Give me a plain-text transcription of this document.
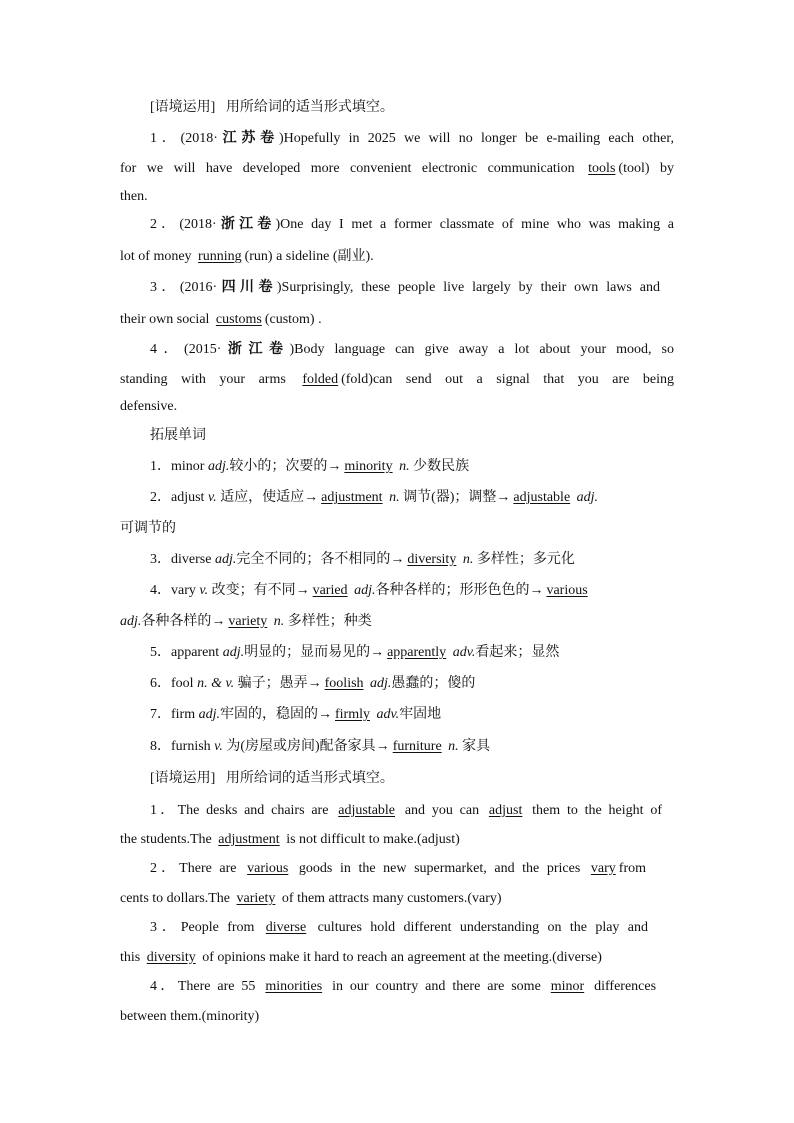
[语境运用] 用所给词的适当形式填空。
1．(2018·江苏卷)Hopefully in 2025 we will no longer be e-mailing each other,
for we will have developed more convenient electronic communication tools (tool) by
then.
2．(2018·浙江卷)One day I met a former classmate of mine who was making a
lot of money running (run) a sideline (副业).
3．(2016·四川卷)Surprisingly, these people live largely by their own laws and
their own social customs (custom) .
4．(2015·浙江卷)Body language can give away a lot about your mood, so
standing with your arms folded (fold)can send out a signal that you are being
defensive.
拓展单词
1．minor adj.较小的；次要的→ minority n. 少数民族
2．adjust v. 适应，使适应→ adjustment n. 调节(器)；调整→ adjustable adj.
可调节的
3．diverse adj.完全不同的；各不相同的→ diversity n. 多样性；多元化
4．vary v. 改变；有不同→ varied adj.各种各样的；形形色色的→ various
adj.各种各样的→ variety n. 多样性；种类
5．apparent adj.明显的；显而易见的→ apparently adv.看起来；显然
6．fool n. & v. 骗子；愚弄→ foolish adj.愚蠢的；傻的
7．firm adj.牢固的，稳固的→ firmly adv.牢固地
8．furnish v. 为(房屋或房间)配备家具→ furniture n. 家具
[语境运用] 用所给词的适当形式填空。
1．The desks and chairs are adjustable and you can adjust them to the height of
the students.The adjustment is not difficult to make.(adjust)
2．There are various goods in the new supermarket, and the prices vary from
cents to dollars.The variety of them attracts many customers.(vary)
3．People from diverse cultures hold different understanding on the play and
this diversity of opinions make it hard to reach an agreement at the meeting.(diverse)
4．There are 55 minorities in our country and there are some minor differences
between them.(minority)
